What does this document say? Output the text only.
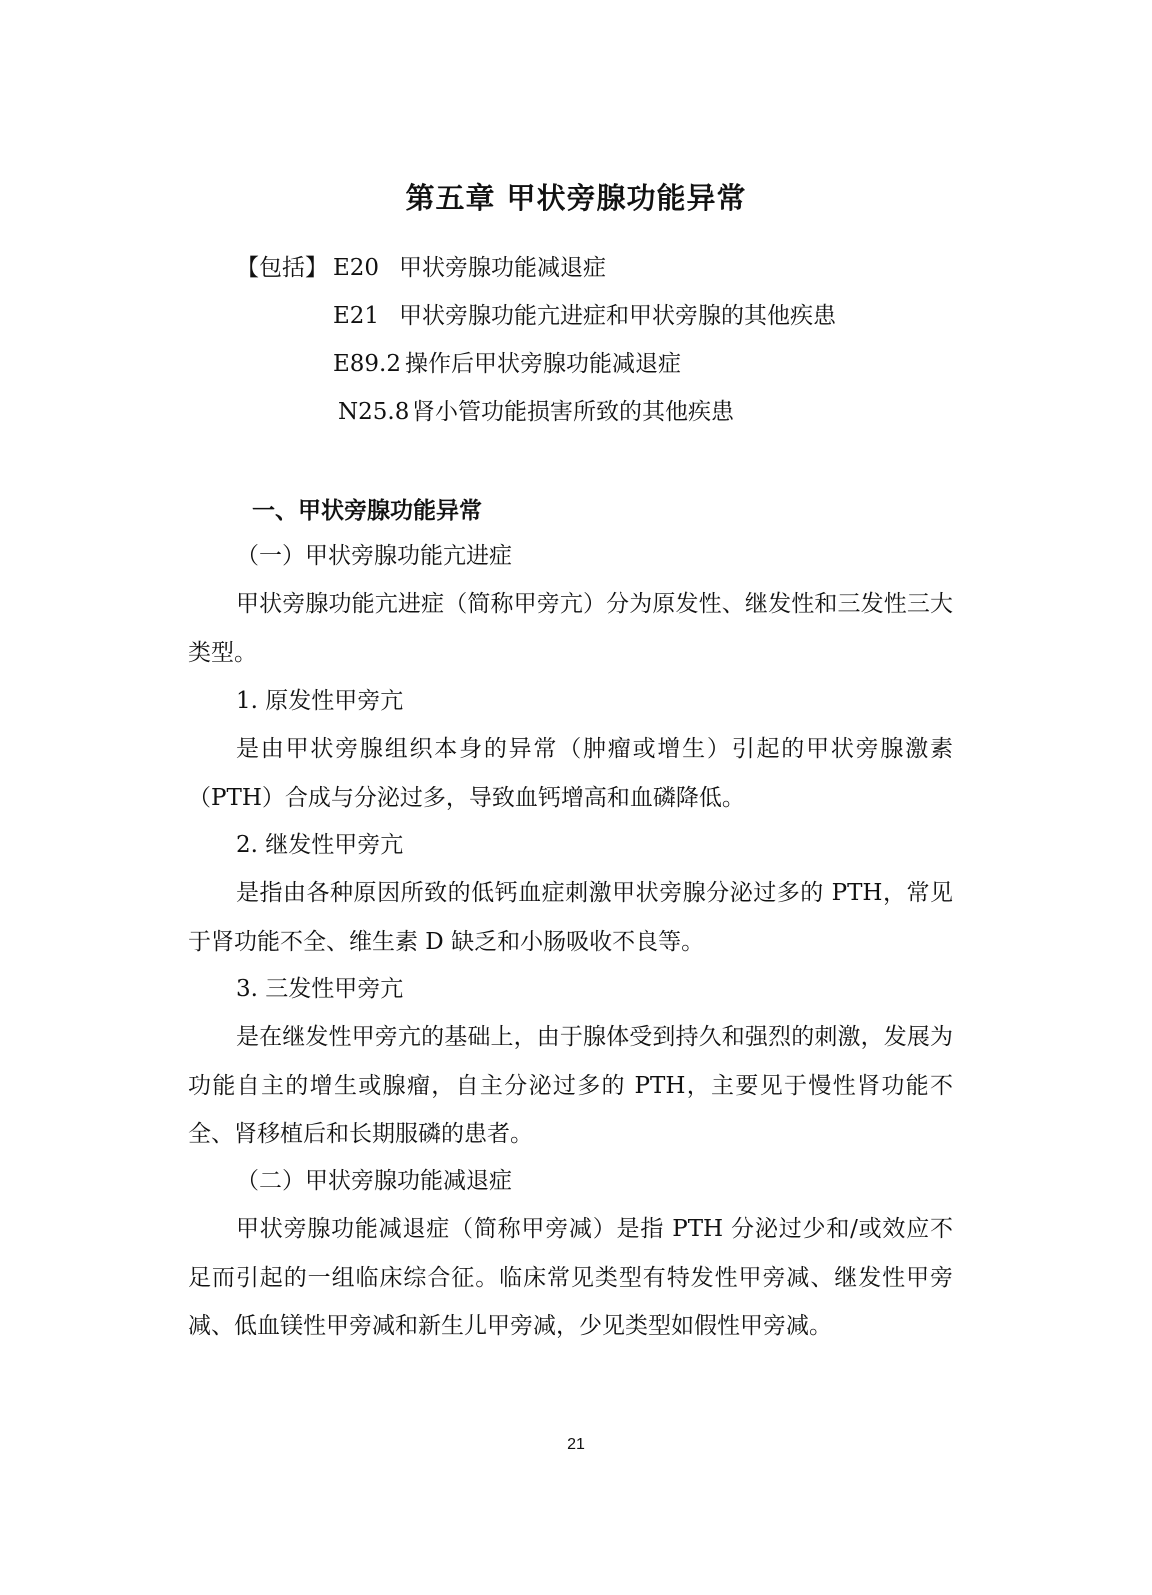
第五章 甲状旁腺功能异常
【包括】 E20 甲状旁腺功能减退症
E21 甲状旁腺功能亢进症和甲状旁腺的其他疾患
E89.2 操作后甲状旁腺功能减退症
N25.8 肾小管功能损害所致的其他疾患
一、甲状旁腺功能异常
（一）甲状旁腺功能亢进症
甲状旁腺功能亢进症（简称甲旁亢）分为原发性、继发性和三发性三大类型。
1. 原发性甲旁亢
是由甲状旁腺组织本身的异常（肿瘤或增生）引起的甲状旁腺激素（PTH）合成与分泌过多，导致血钙增高和血磷降低。
2. 继发性甲旁亢
是指由各种原因所致的低钙血症刺激甲状旁腺分泌过多的 PTH，常见于肾功能不全、维生素 D 缺乏和小肠吸收不良等。
3. 三发性甲旁亢
是在继发性甲旁亢的基础上，由于腺体受到持久和强烈的刺激，发展为功能自主的增生或腺瘤，自主分泌过多的 PTH，主要见于慢性肾功能不全、肾移植后和长期服磷的患者。
（二）甲状旁腺功能减退症
甲状旁腺功能减退症（简称甲旁减）是指 PTH 分泌过少和/或效应不足而引起的一组临床综合征。临床常见类型有特发性甲旁减、继发性甲旁减、低血镁性甲旁减和新生儿甲旁减，少见类型如假性甲旁减。
21
